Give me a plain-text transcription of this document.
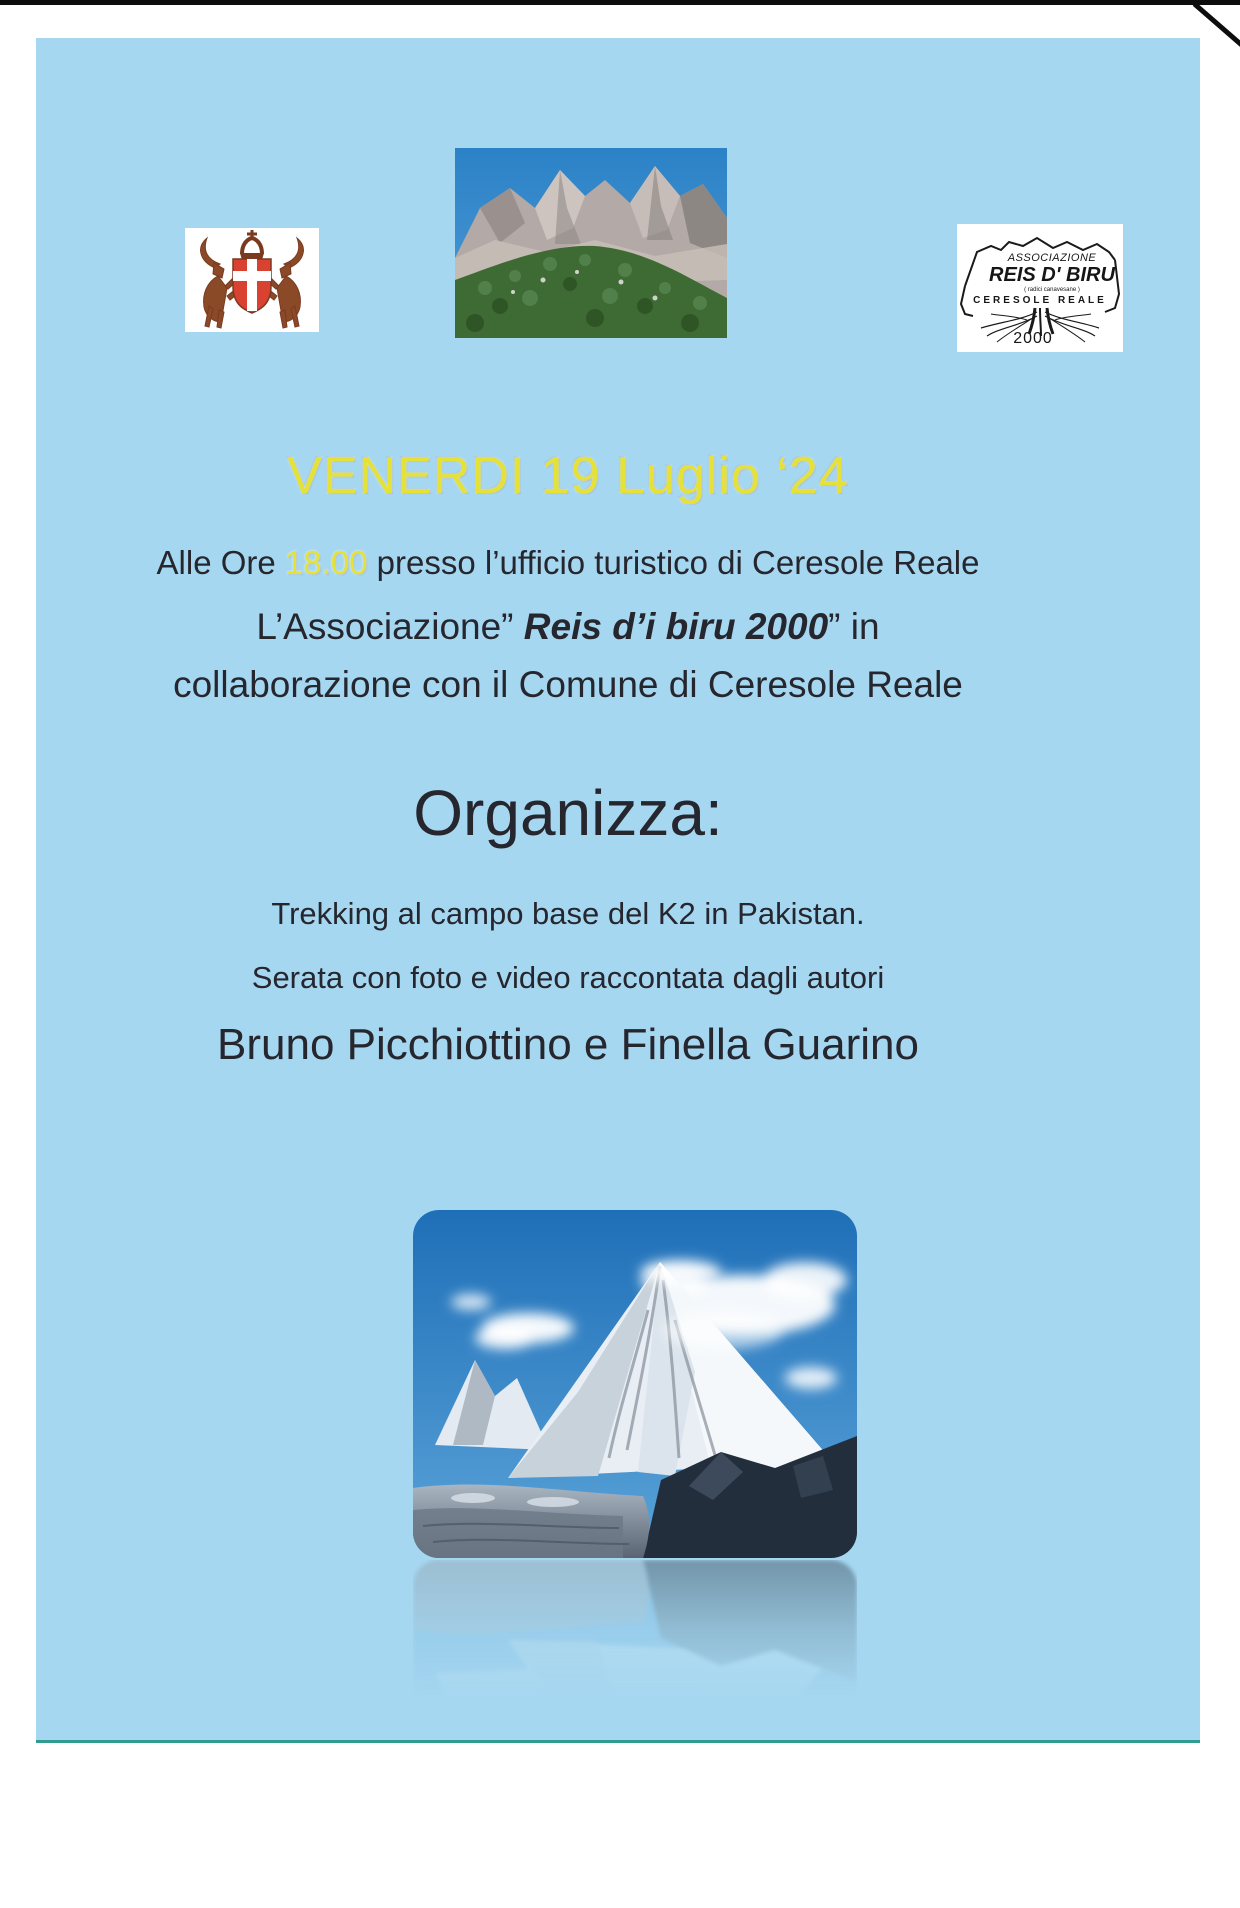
ASSOCIAZIONE
REIS D' BIRU
( radici canavesane )
CERESOLE REALE
2000
VENERDI 19 Luglio ‘24
Alle Ore 18.00 presso l’ufficio turistico di Ceresole Reale
L’Associazione” Reis d’i biru 2000” in
collaborazione con il Comune di Ceresole Reale
Organizza:
Trekking al campo base del K2 in Pakistan.
Serata con foto e video raccontata dagli autori
Bruno Picchiottino e Finella Guarino
